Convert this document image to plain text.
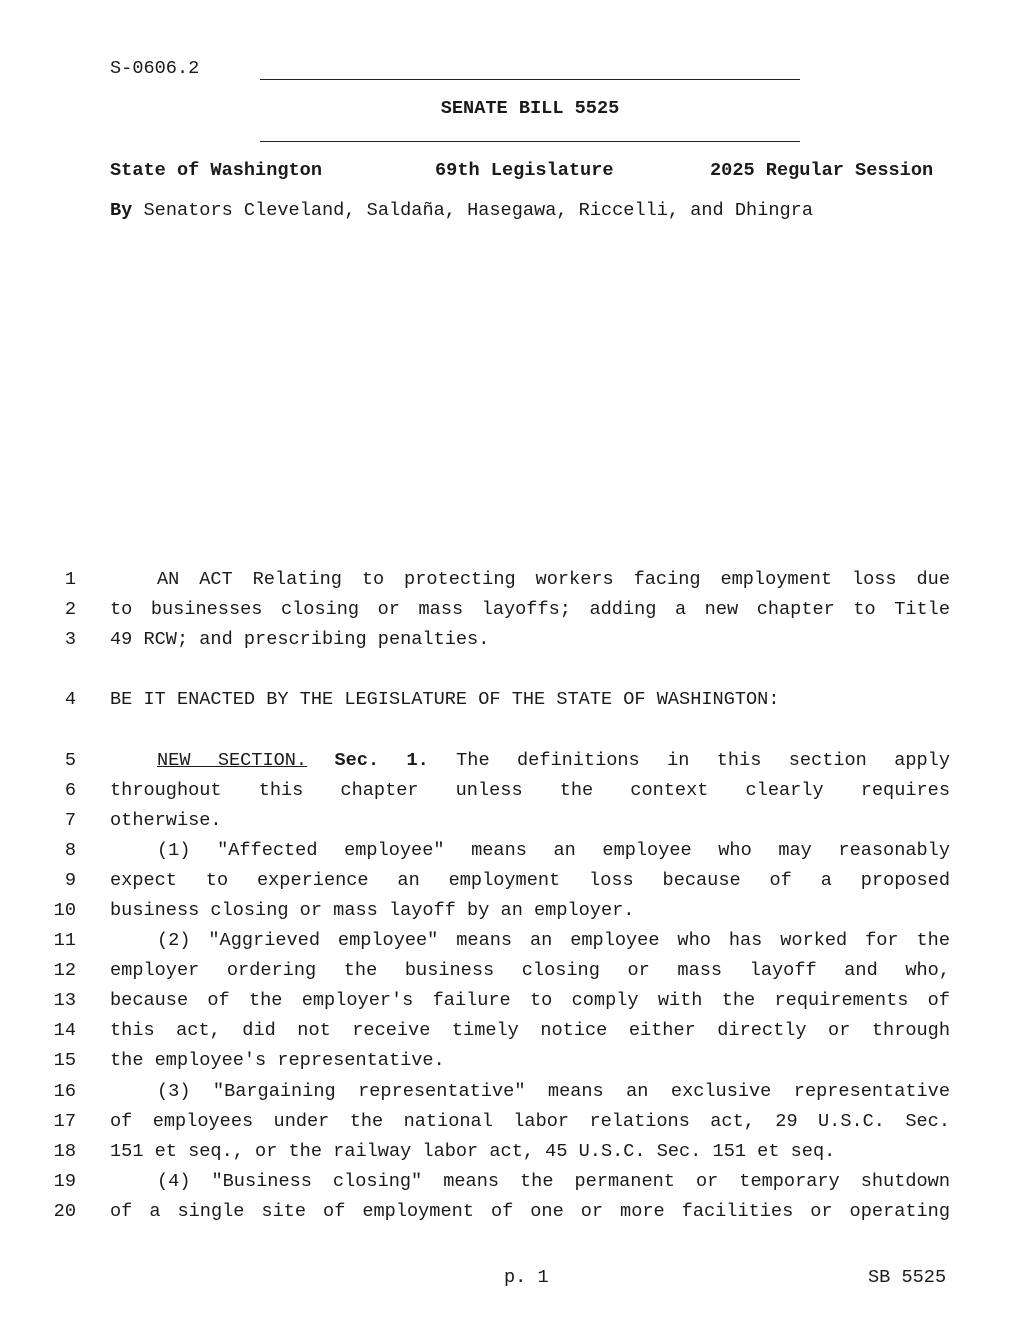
S-0606.2
SENATE BILL 5525
State of Washington	69th Legislature	2025 Regular Session
By Senators Cleveland, Saldaña, Hasegawa, Riccelli, and Dhingra
1	AN ACT Relating to protecting workers facing employment loss due
2 to businesses closing or mass layoffs; adding a new chapter to Title
3 49 RCW; and prescribing penalties.
4 BE IT ENACTED BY THE LEGISLATURE OF THE STATE OF WASHINGTON:
5	NEW SECTION. Sec. 1. The definitions in this section apply
6 throughout this chapter unless the context clearly requires
7 otherwise.
8	(1) "Affected employee" means an employee who may reasonably
9 expect to experience an employment loss because of a proposed
10 business closing or mass layoff by an employer.
11	(2) "Aggrieved employee" means an employee who has worked for the
12 employer ordering the business closing or mass layoff and who,
13 because of the employer's failure to comply with the requirements of
14 this act, did not receive timely notice either directly or through
15 the employee's representative.
16	(3) "Bargaining representative" means an exclusive representative
17 of employees under the national labor relations act, 29 U.S.C. Sec.
18 151 et seq., or the railway labor act, 45 U.S.C. Sec. 151 et seq.
19	(4) "Business closing" means the permanent or temporary shutdown
20 of a single site of employment of one or more facilities or operating
p. 1	SB 5525
